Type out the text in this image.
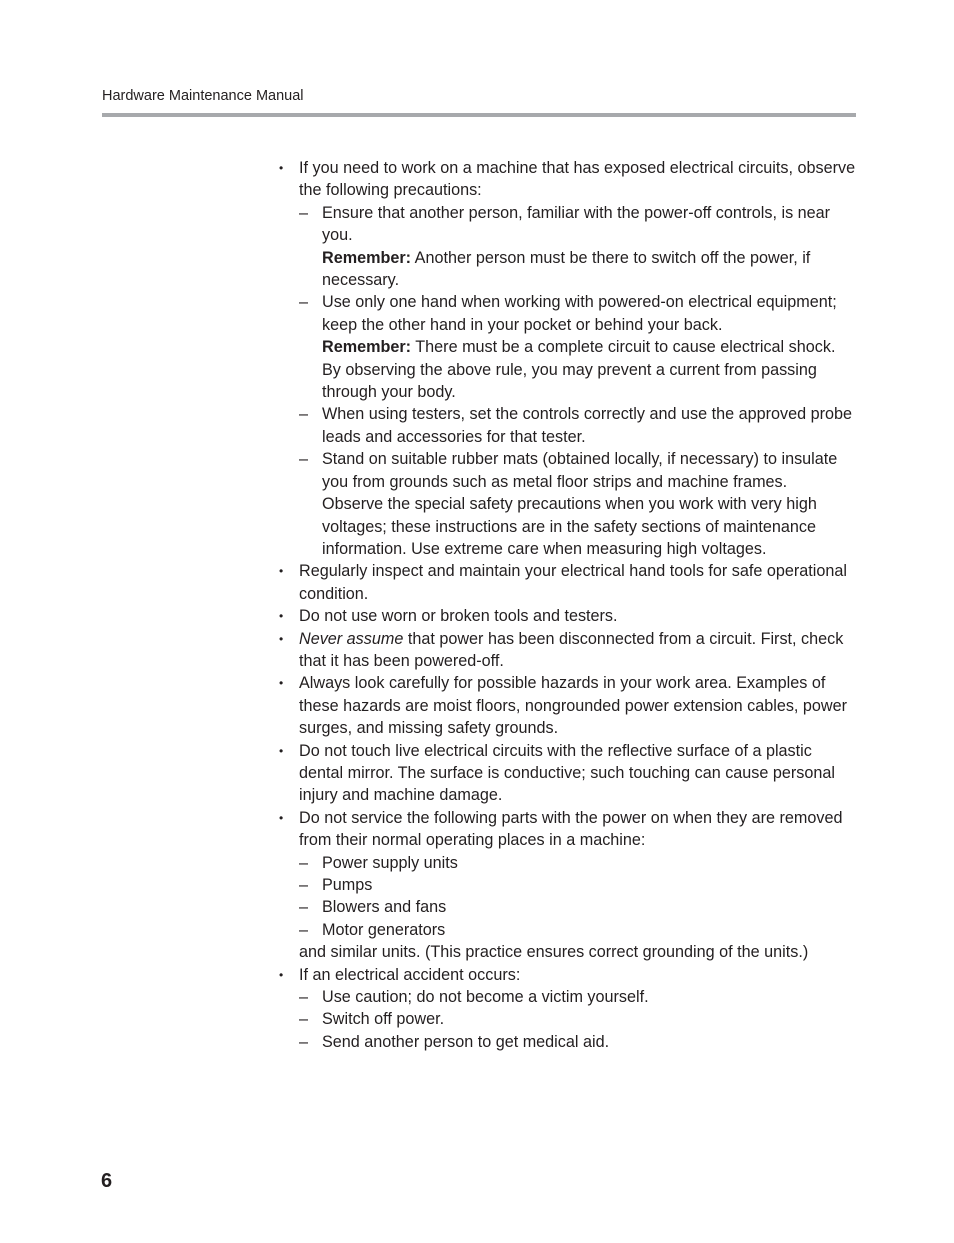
Hardware Maintenance Manual
• If you need to work on a machine that has exposed electrical circuits, observe the following precautions:
– Ensure that another person, familiar with the power-off controls, is near you.
Remember: Another person must be there to switch off the power, if necessary.
– Use only one hand when working with powered-on electrical equipment; keep the other hand in your pocket or behind your back.
Remember: There must be a complete circuit to cause electrical shock. By observing the above rule, you may prevent a current from passing through your body.
– When using testers, set the controls correctly and use the approved probe leads and accessories for that tester.
– Stand on suitable rubber mats (obtained locally, if necessary) to insulate you from grounds such as metal floor strips and machine frames.
Observe the special safety precautions when you work with very high voltages; these instructions are in the safety sections of maintenance information. Use extreme care when measuring high voltages.
• Regularly inspect and maintain your electrical hand tools for safe operational condition.
• Do not use worn or broken tools and testers.
• Never assume that power has been disconnected from a circuit. First, check that it has been powered-off.
• Always look carefully for possible hazards in your work area. Examples of these hazards are moist floors, nongrounded power extension cables, power surges, and missing safety grounds.
• Do not touch live electrical circuits with the reflective surface of a plastic dental mirror. The surface is conductive; such touching can cause personal injury and machine damage.
• Do not service the following parts with the power on when they are removed from their normal operating places in a machine:
– Power supply units
– Pumps
– Blowers and fans
– Motor generators
and similar units. (This practice ensures correct grounding of the units.)
• If an electrical accident occurs:
– Use caution; do not become a victim yourself.
– Switch off power.
– Send another person to get medical aid.
6
